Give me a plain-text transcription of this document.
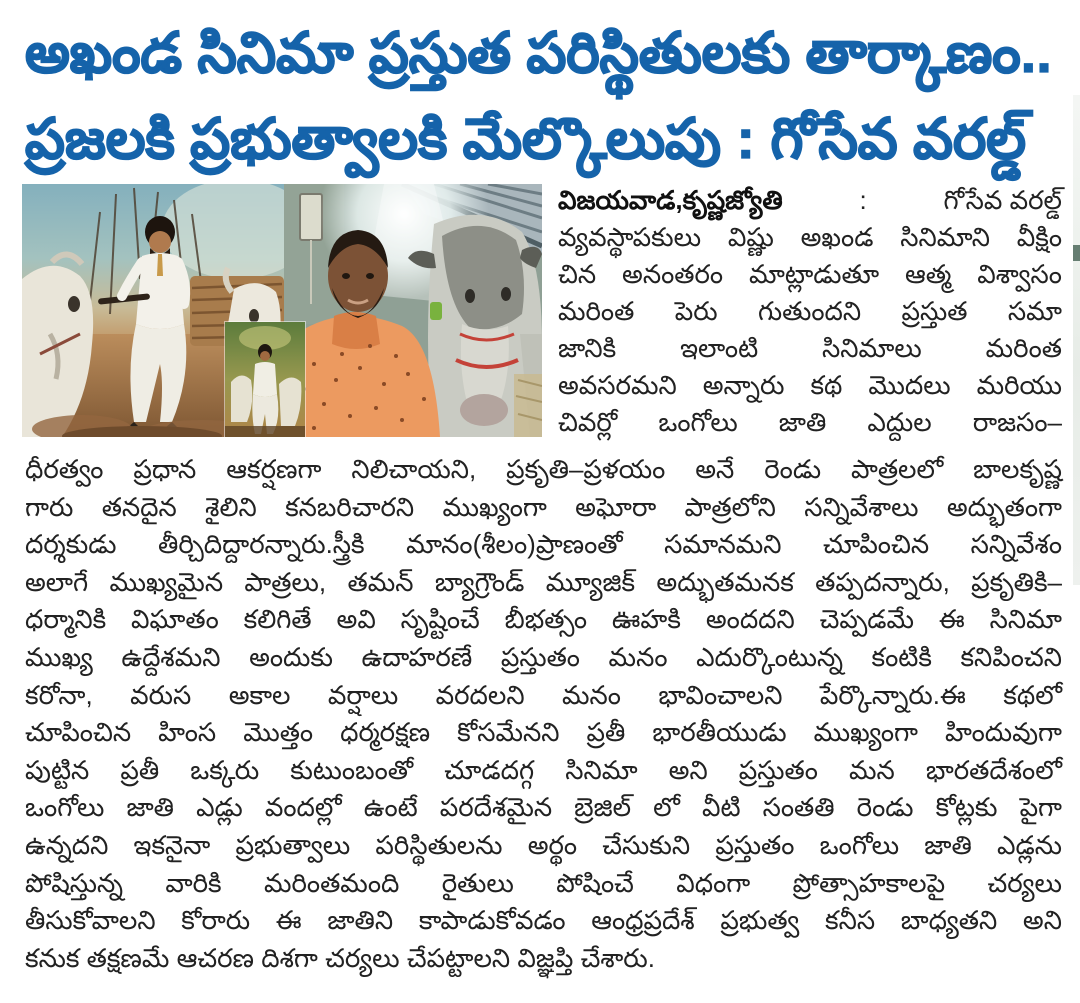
అఖండ సినిమా ప్రస్తుత పరిస్థితులకు తార్కాణం..
ప్రజలకి ప్రభుత్వాలకి మేల్కొలుపు : గోసేవ వరల్డ్
విజయవాడ,కృష్ణజ్యోతి	:	గోసేవ వరల్డ్
వ్యవస్థాపకులు విష్ణు అఖండ సినిమాని వీక్షిం
చిన అనంతరం మాట్లాడుతూ ఆత్మ విశ్వాసం
మరింత పెరు గుతుందని ప్రస్తుత సమా
జానికి ఇలాంటి సినిమాలు మరింత
అవసరమని అన్నారు కథ మొదలు మరియు
చివర్లో ఒంగోలు జాతి ఎద్దుల రాజసం–
ధీరత్వం ప్రధాన ఆకర్షణగా నిలిచాయని, ప్రకృతి–ప్రళయం అనే రెండు పాత్రలలో బాలకృష్ణ
గారు తనదైన శైలిని కనబరిచారని ముఖ్యంగా అఘోరా పాత్రలోని సన్నివేశాలు అద్భుతంగా
దర్శకుడు తీర్చిదిద్దారన్నారు.స్త్రీకి మానం(శీలం)ప్రాణంతో సమానమని చూపించిన సన్నివేశం
అలాగే ముఖ్యమైన పాత్రలు, తమన్ బ్యాగ్రౌండ్ మ్యూజిక్ అద్భుతమనక తప్పదన్నారు, ప్రకృతికి–
ధర్మానికి విఘాతం కలిగితే అవి సృష్టించే బీభత్సం ఊహకి అందదని చెప్పడమే ఈ సినిమా
ముఖ్య ఉద్దేశమని అందుకు ఉదాహరణే ప్రస్తుతం మనం ఎదుర్కొంటున్న కంటికి కనిపించని
కరోనా, వరుస అకాల వర్షాలు వరదలని మనం భావించాలని పేర్కొన్నారు.ఈ కథలో
చూపించిన హింస మొత్తం ధర్మరక్షణ కోసమేనని ప్రతీ భారతీయుడు ముఖ్యంగా హిందువుగా
పుట్టిన ప్రతీ ఒక్కరు కుటుంబంతో చూడదగ్గ సినిమా అని ప్రస్తుతం మన భారతదేశంలో
ఒంగోలు జాతి ఎడ్లు వందల్లో ఉంటే పరదేశమైన బ్రెజిల్ లో వీటి సంతతి రెండు కోట్లకు పైగా
ఉన్నదని ఇకనైనా ప్రభుత్వాలు పరిస్థితులను అర్థం చేసుకుని ప్రస్తుతం ఒంగోలు జాతి ఎడ్లను
పోషిస్తున్న వారికి మరింతమంది రైతులు పోషించే విధంగా ప్రోత్సాహకాలపై చర్యలు
తీసుకోవాలని కోరారు ఈ జాతిని కాపాడుకోవడం ఆంధ్రప్రదేశ్ ప్రభుత్వ కనీస బాధ్యతని అని
కనుక తక్షణమే ఆచరణ దిశగా చర్యలు చేపట్టాలని విజ్ఞప్తి చేశారు.
